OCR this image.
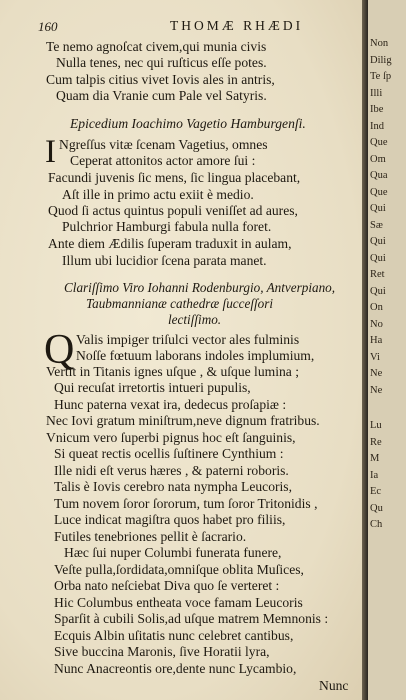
160	THOMÆ RHÆDI
Te nemo agnoſcat civem,qui munia civis
Nulla tenes, nec qui ruſticus eſſe potes.
Cum talpis citius vivet Iovis ales in antris,
Quam dia Vranie cum Pale vel Satyris.
Epicedium Ioachimo Vagetio Hamburgenſi.
I Ngreſſus vitæ ſcenam Vagetius, omnes
Ceperat attonitos actor amore ſui :
Facundi juvenis ſic mens, ſic lingua placebant,
Aſt ille in primo actu exiit è medio.
Quod ſi actus quintus populi veniſſet ad aures,
Pulchrior Hamburgi fabula nulla foret.
Ante diem Ædilis ſuperam traduxit in aulam,
Illum ubi lucidior ſcena parata manet.
Clariſſimo Viro Iohanni Rodenburgio, Antverpiano,
Taubmannianæ cathedræ ſucceſſori
lectiſſimo.
Q Valis impiger triſulci vector ales fulminis
Noſſe fœtuum laborans indoles implumium,
Vertit in Titanis ignes uſque , & uſque lumina ;
Qui recuſat irretortis intueri pupulis,
Hunc paterna vexat ira, dedecus proſapiæ :
Nec Iovi gratum miniſtrum,neve dignum fratribus.
Vnicum vero ſuperbi pignus hoc eſt ſanguinis,
Si queat rectis ocellis ſuſtinere Cynthium :
Ille nidi eſt verus hæres , & paterni roboris.
Talis è Iovis cerebro nata nympha Leucoris,
Tum novem ſoror ſororum, tum ſoror Tritonidis ,
Luce indicat magiſtra quos habet pro filiis,
Futiles tenebriones pellit è ſacrario.
Hæc ſui nuper Columbi funerata funere,
Veſte pulla,ſordidata,omniſque oblita Muſices,
Orba nato neſciebat Diva quo ſe verteret :
Hic Columbus entheata voce famam Leucoris
Sparſit à cubili Solis,ad uſque matrem Memnonis :
Ecquis Albin uſitatis nunc celebret cantibus,
Sive buccina Maronis, ſive Horatii lyra,
Nunc Anacreontis ore,dente nunc Lycambio,
Nunc
Non
Dilig
Te ſp
Illi
Ibe
Ind
Que
Om
Qua
Que
Qui
Sæ
Qui
Qui
Ret
Qui
On
No
Ha
Vi
Ne
Ne
Lu
Re
M
Ia
Ec
Qu
Ch
